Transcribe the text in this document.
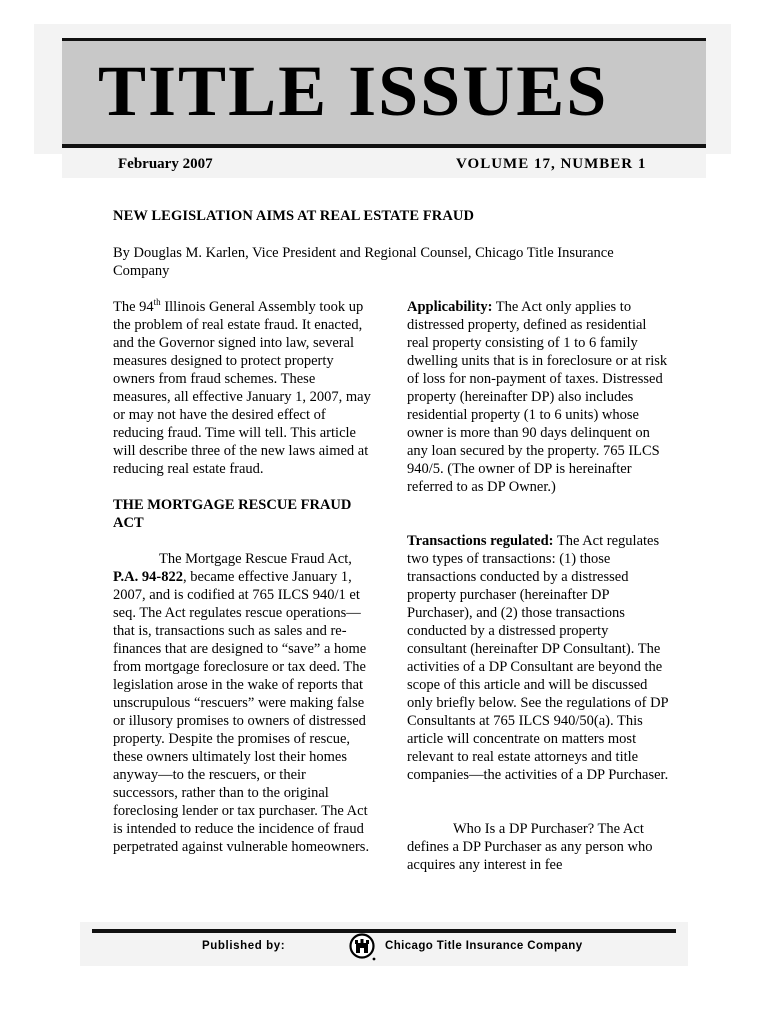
TITLE ISSUES
February 2007	VOLUME 17, NUMBER 1
NEW LEGISLATION AIMS AT REAL ESTATE FRAUD
By Douglas M. Karlen, Vice President and Regional Counsel, Chicago Title Insurance Company

The 94th Illinois General Assembly took up the problem of real estate fraud. It enacted, and the Governor signed into law, several measures designed to protect property owners from fraud schemes. These measures, all effective January 1, 2007, may or may not have the desired effect of reducing fraud. Time will tell. This article will describe three of the new laws aimed at reducing real estate fraud.

THE MORTGAGE RESCUE FRAUD ACT

The Mortgage Rescue Fraud Act, P.A. 94-822, became effective January 1, 2007, and is codified at 765 ILCS 940/1 et seq. The Act regulates rescue operations—that is, transactions such as sales and re-finances that are designed to “save” a home from mortgage foreclosure or tax deed. The legislation arose in the wake of reports that unscrupulous “rescuers” were making false or illusory promises to owners of distressed property. Despite the promises of rescue, these owners ultimately lost their homes anyway—to the rescuers, or their successors, rather than to the original foreclosing lender or tax purchaser. The Act is intended to reduce the incidence of fraud perpetrated against vulnerable homeowners.

Applicability: The Act only applies to distressed property, defined as residential real property consisting of 1 to 6 family dwelling units that is in foreclosure or at risk of loss for non-payment of taxes. Distressed property (hereinafter DP) also includes residential property (1 to 6 units) whose owner is more than 90 days delinquent on any loan secured by the property. 765 ILCS 940/5. (The owner of DP is hereinafter referred to as DP Owner.)

Transactions regulated: The Act regulates two types of transactions: (1) those transactions conducted by a distressed property purchaser (hereinafter DP Purchaser), and (2) those transactions conducted by a distressed property consultant (hereinafter DP Consultant). The activities of a DP Consultant are beyond the scope of this article and will be discussed only briefly below. See the regulations of DP Consultants at 765 ILCS 940/50(a). This article will concentrate on matters most relevant to real estate attorneys and title companies—the activities of a DP Purchaser.

Who Is a DP Purchaser? The Act defines a DP Purchaser as any person who acquires any interest in fee

Published by:	Chicago Title Insurance Company
